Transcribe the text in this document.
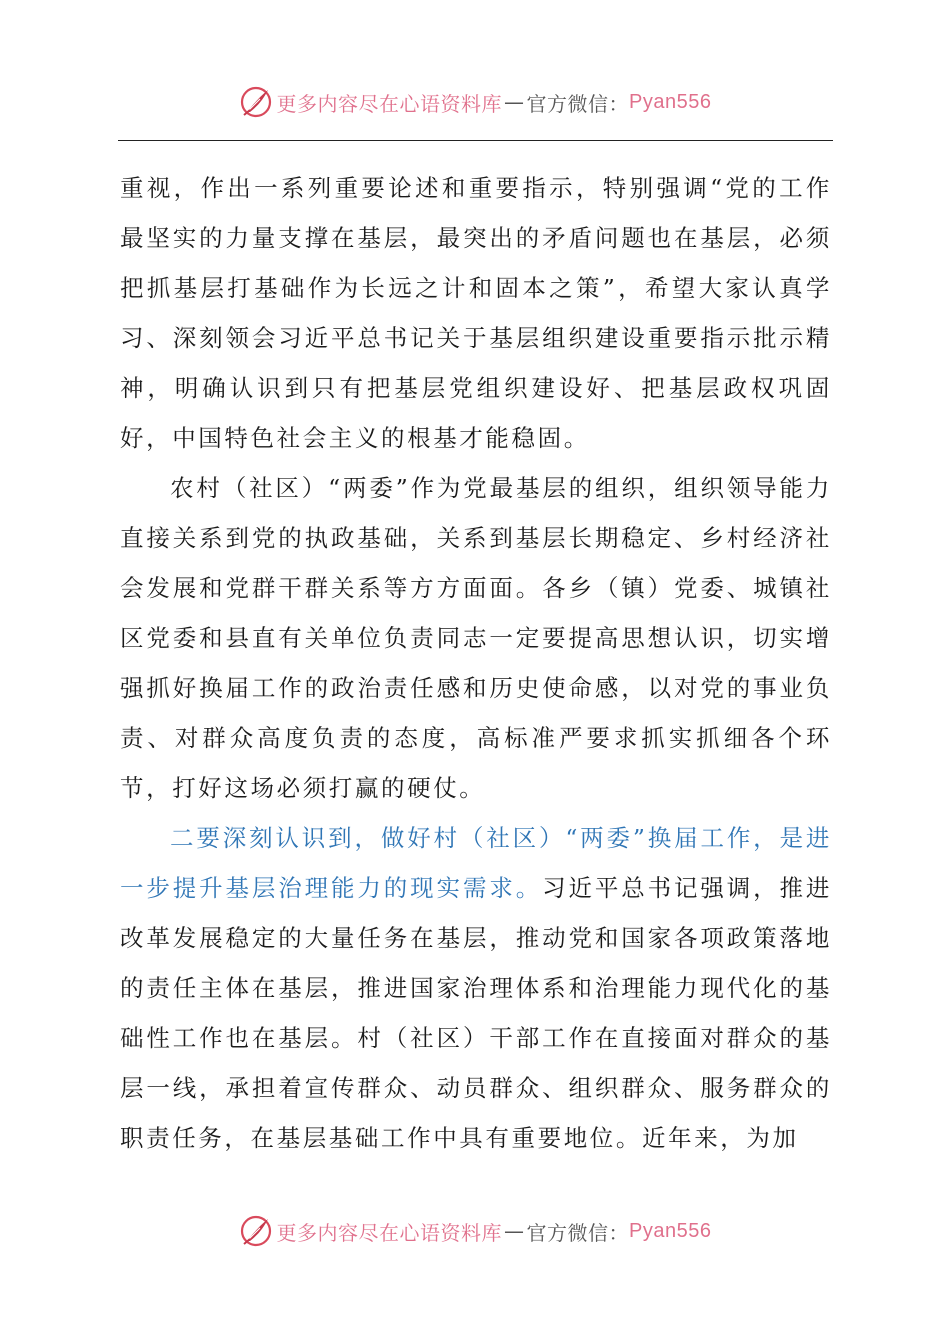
更多内容尽在心语资料库 — 官方微信： Pyan556

重视，作出一系列重要论述和重要指示，特别强调“党的工作最坚实的力量支撑在基层，最突出的矛盾问题也在基层，必须把抓基层打基础作为长远之计和固本之策”，希望大家认真学习、深刻领会习近平总书记关于基层组织建设重要指示批示精神，明确认识到只有把基层党组织建设好、把基层政权巩固好，中国特色社会主义的根基才能稳固。

农村（社区）“两委”作为党最基层的组织，组织领导能力直接关系到党的执政基础，关系到基层长期稳定、乡村经济社会发展和党群干群关系等方方面面。各乡（镇）党委、城镇社区党委和县直有关单位负责同志一定要提高思想认识，切实增强抓好换届工作的政治责任感和历史使命感，以对党的事业负责、对群众高度负责的态度，高标准严要求抓实抓细各个环节，打好这场必须打赢的硬仗。

二要深刻认识到，做好村（社区）“两委”换届工作，是进一步提升基层治理能力的现实需求。习近平总书记强调，推进改革发展稳定的大量任务在基层，推动党和国家各项政策落地的责任主体在基层，推进国家治理体系和治理能力现代化的基础性工作也在基层。村（社区）干部工作在直接面对群众的基层一线，承担着宣传群众、动员群众、组织群众、服务群众的职责任务，在基层基础工作中具有重要地位。近年来，为加

更多内容尽在心语资料库 — 官方微信： Pyan556
